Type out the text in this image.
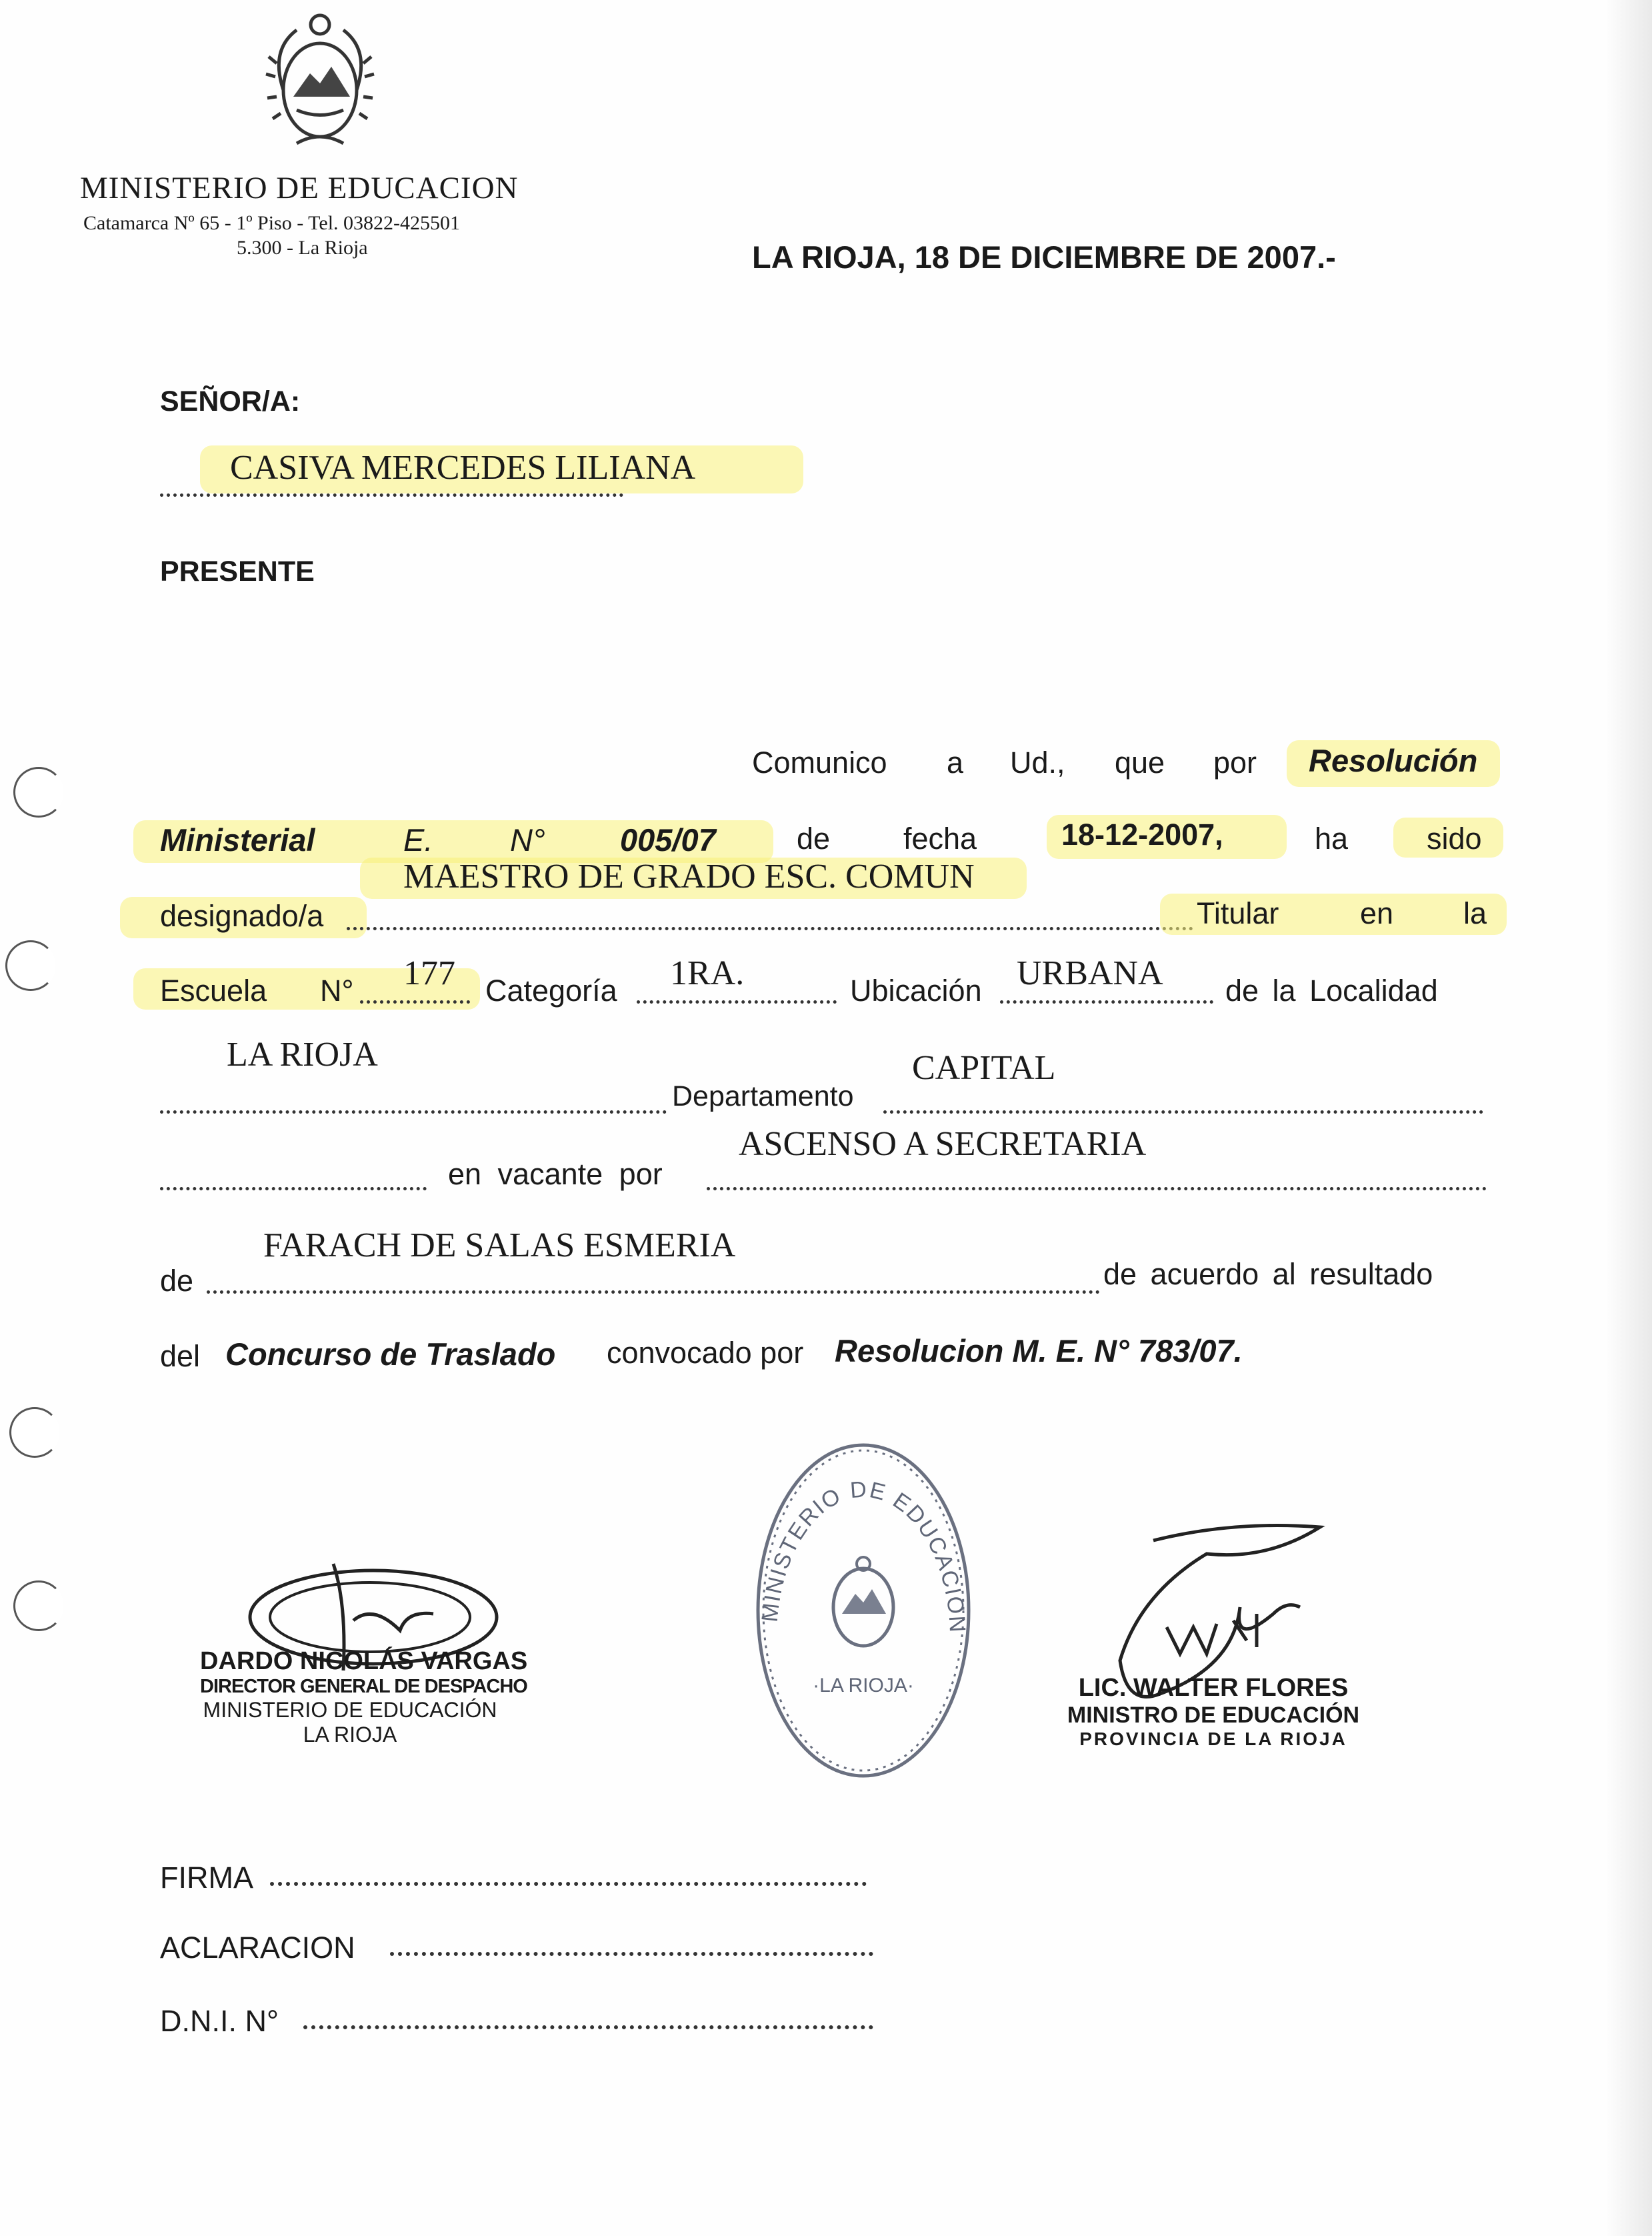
MINISTERIO DE EDUCACION
Catamarca Nº 65 - 1º Piso - Tel. 03822-425501
5.300 - La Rioja	LA RIOJA, 18 DE DICIEMBRE DE 2007.-
SEÑOR/A:
CASIVA MERCEDES LILIANA
PRESENTE
Comunico a Ud., que por Resolución
Ministerial	E. N° 005/07	de fecha	18-12-2007,	ha	sido
MAESTRO DE GRADO ESC. COMUN
designado/a	Titular	en la
Escuela N° 177 Categoría 1RA.	Ubicación URBANA de la Localidad
LA RIOJA
Departamento
CAPITAL
ASCENSO A SECRETARIA
en vacante por
FARACH DE SALAS ESMERIA
de	de acuerdo al resultado
del Concurso de Traslado convocado por Resolucion M. E. N° 783/07.
MINISTERIO DE EDUCACION
·LA RIOJA·
DARDO NICOLÁS VARGAS
DIRECTOR GENERAL DE DESPACHO
MINISTERIO DE EDUCACIÓN
LA RIOJA
LIC. WALTER FLORES
MINISTRO DE EDUCACIÓN
PROVINCIA DE LA RIOJA
FIRMA
ACLARACION
D.N.I. N°
